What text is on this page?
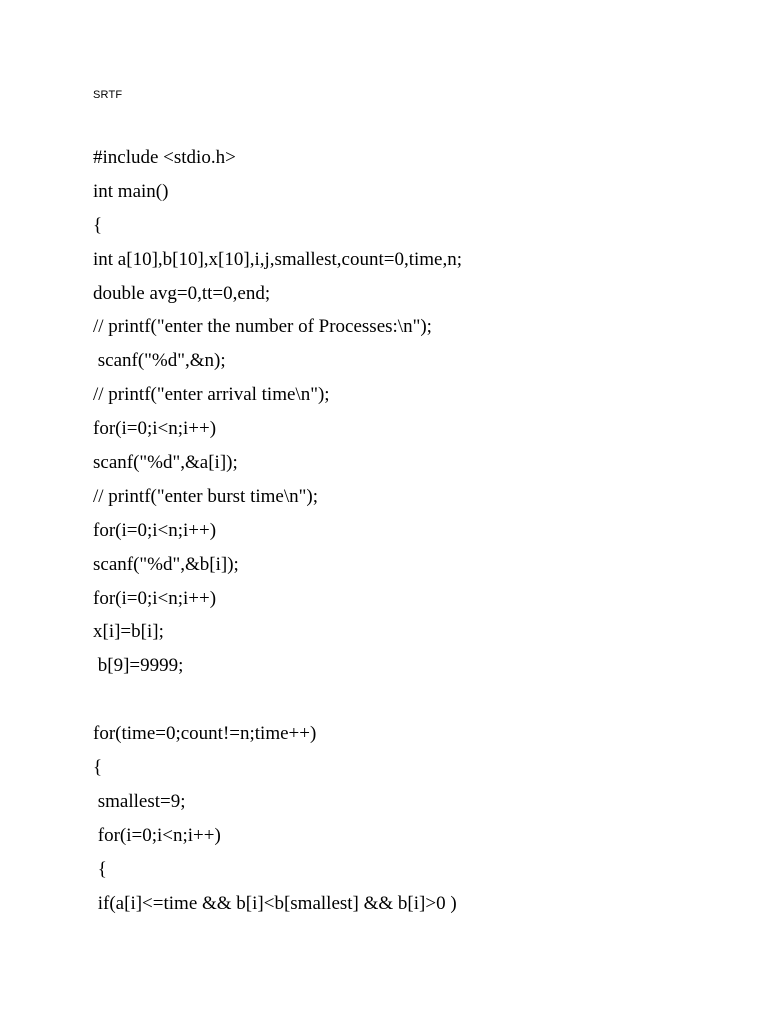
SRTF
#include <stdio.h>
int main()
{
int a[10],b[10],x[10],i,j,smallest,count=0,time,n;
double avg=0,tt=0,end;
// printf("enter the number of Processes:\n");
scanf("%d",&n);
// printf("enter arrival time\n");
for(i=0;i<n;i++)
scanf("%d",&a[i]);
// printf("enter burst time\n");
for(i=0;i<n;i++)
scanf("%d",&b[i]);
for(i=0;i<n;i++)
x[i]=b[i];
b[9]=9999;
for(time=0;count!=n;time++)
{
smallest=9;
for(i=0;i<n;i++)
{
if(a[i]<=time && b[i]<b[smallest] && b[i]>0 )
